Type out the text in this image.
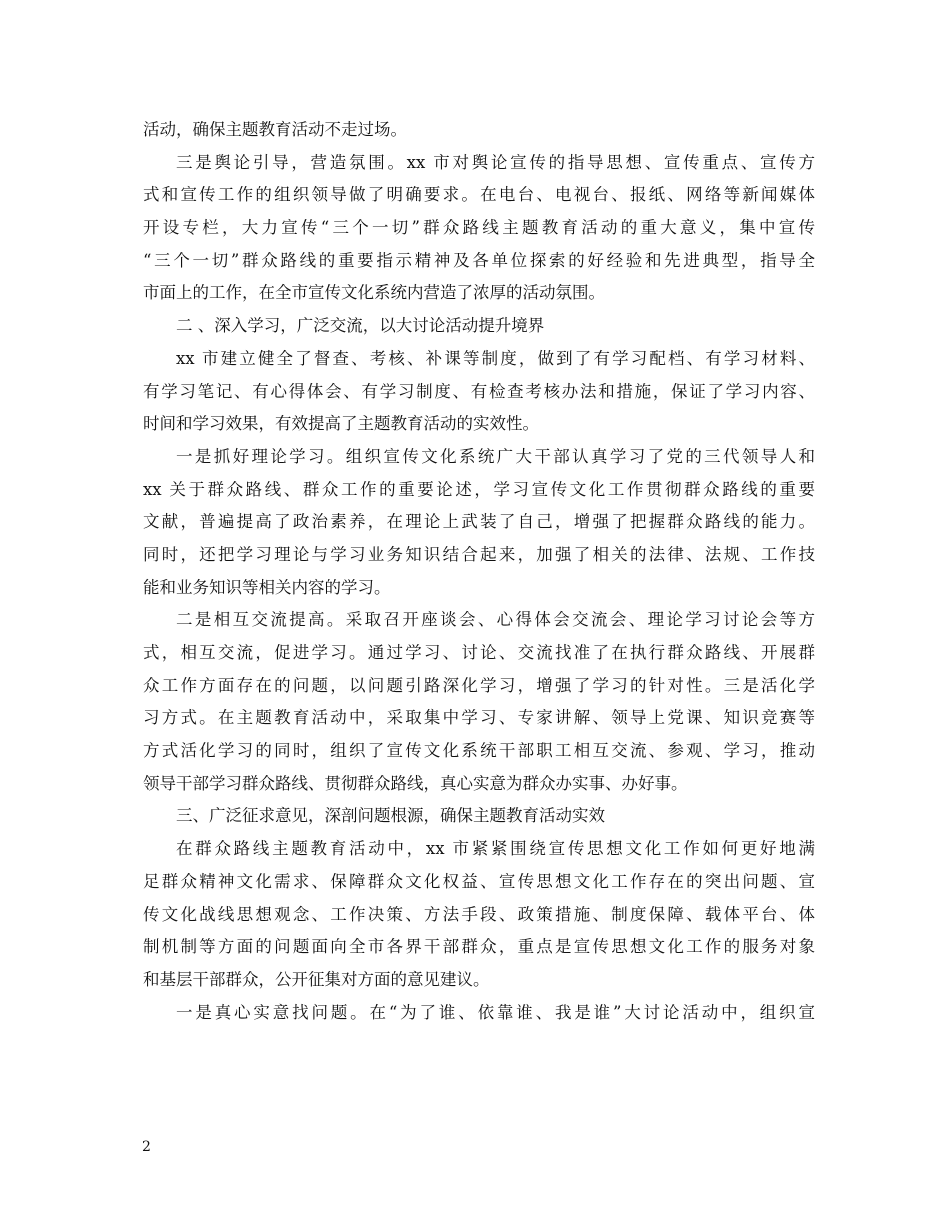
活动，确保主题教育活动不走过场。
三是舆论引导，营造氛围。xx 市对舆论宣传的指导思想、宣传重点、宣传方
式和宣传工作的组织领导做了明确要求。在电台、电视台、报纸、网络等新闻媒体
开设专栏，大力宣传“三个一切”群众路线主题教育活动的重大意义，集中宣传
“三个一切”群众路线的重要指示精神及各单位探索的好经验和先进典型，指导全
市面上的工作，在全市宣传文化系统内营造了浓厚的活动氛围。
二 、深入学习，广泛交流，以大讨论活动提升境界
xx 市建立健全了督查、考核、补课等制度，做到了有学习配档、有学习材料、
有学习笔记、有心得体会、有学习制度、有检查考核办法和措施，保证了学习内容、
时间和学习效果，有效提高了主题教育活动的实效性。
一是抓好理论学习。组织宣传文化系统广大干部认真学习了党的三代领导人和
xx 关于群众路线、群众工作的重要论述，学习宣传文化工作贯彻群众路线的重要
文献，普遍提高了政治素养，在理论上武装了自己，增强了把握群众路线的能力。
同时，还把学习理论与学习业务知识结合起来，加强了相关的法律、法规、工作技
能和业务知识等相关内容的学习。
二是相互交流提高。采取召开座谈会、心得体会交流会、理论学习讨论会等方
式，相互交流，促进学习。通过学习、讨论、交流找准了在执行群众路线、开展群
众工作方面存在的问题，以问题引路深化学习，增强了学习的针对性。三是活化学
习方式。在主题教育活动中，采取集中学习、专家讲解、领导上党课、知识竞赛等
方式活化学习的同时，组织了宣传文化系统干部职工相互交流、参观、学习，推动
领导干部学习群众路线、贯彻群众路线，真心实意为群众办实事、办好事。
三、广泛征求意见，深剖问题根源，确保主题教育活动实效
在群众路线主题教育活动中，xx 市紧紧围绕宣传思想文化工作如何更好地满
足群众精神文化需求、保障群众文化权益、宣传思想文化工作存在的突出问题、宣
传文化战线思想观念、工作决策、方法手段、政策措施、制度保障、载体平台、体
制机制等方面的问题面向全市各界干部群众，重点是宣传思想文化工作的服务对象
和基层干部群众，公开征集对方面的意见建议。
一是真心实意找问题。在“为了谁、依靠谁、我是谁”大讨论活动中，组织宣
2
